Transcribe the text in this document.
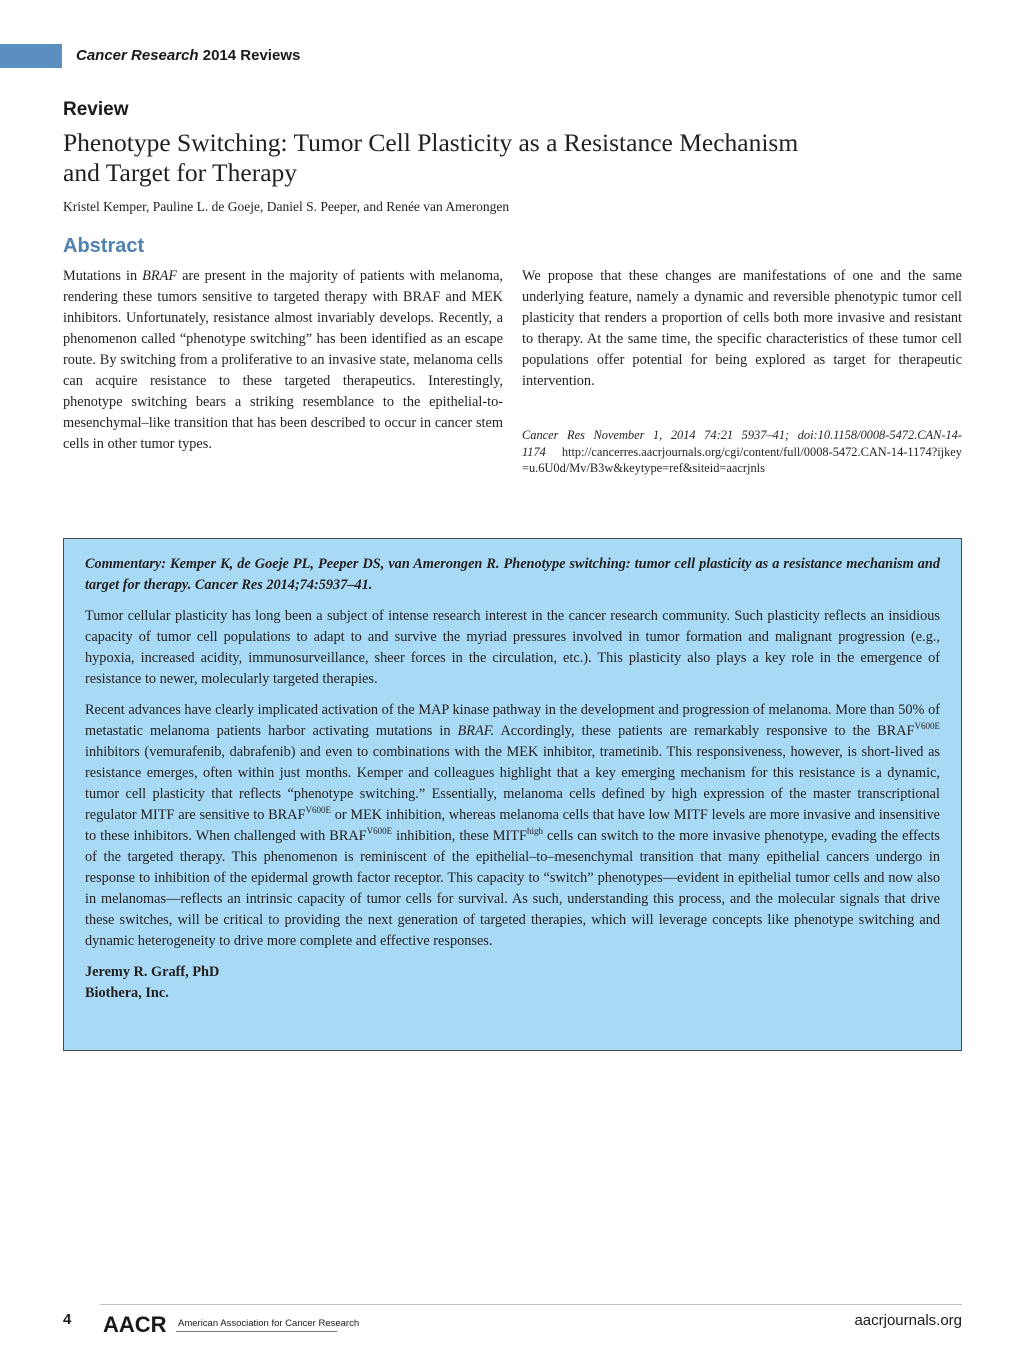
Cancer Research 2014 Reviews
Review
Phenotype Switching: Tumor Cell Plasticity as a Resistance Mechanism and Target for Therapy
Kristel Kemper, Pauline L. de Goeje, Daniel S. Peeper, and Renée van Amerongen
Abstract

Mutations in BRAF are present in the majority of patients with melanoma, rendering these tumors sensitive to targeted therapy with BRAF and MEK inhibitors. Unfortunately, resistance almost invariably develops. Recently, a phenomenon called “phenotype switching” has been identified as an escape route. By switching from a proliferative to an invasive state, melanoma cells can acquire resistance to these targeted therapeutics. Interestingly, phenotype switching bears a striking resemblance to the epithelial-to-mesenchymal–like transition that has been described to occur in cancer stem cells in other tumor types.

We propose that these changes are manifestations of one and the same underlying feature, namely a dynamic and reversible phenotypic tumor cell plasticity that renders a proportion of cells both more invasive and resistant to therapy. At the same time, the specific characteristics of these tumor cell populations offer potential for being explored as target for therapeutic intervention.

Cancer Res November 1, 2014 74:21 5937–41; doi:10.1158/0008-5472.CAN-14-1174 http://cancerres.aacrjournals.org/cgi/content/full/0008-5472.CAN-14-1174?ijkey=u.6U0d/Mv/B3w&keytype=ref&siteid=aacrjnls

Commentary: Kemper K, de Goeje PL, Peeper DS, van Amerongen R. Phenotype switching: tumor cell plasticity as a resistance mechanism and target for therapy. Cancer Res 2014;74:5937–41.

Tumor cellular plasticity has long been a subject of intense research interest in the cancer research community. Such plasticity reflects an insidious capacity of tumor cell populations to adapt to and survive the myriad pressures involved in tumor formation and malignant progression (e.g., hypoxia, increased acidity, immunosurveillance, sheer forces in the circulation, etc.). This plasticity also plays a key role in the emergence of resistance to newer, molecularly targeted therapies.

Recent advances have clearly implicated activation of the MAP kinase pathway in the development and progression of melanoma. More than 50% of metastatic melanoma patients harbor activating mutations in BRAF. Accordingly, these patients are remarkably responsive to the $BRAF^{V600E}$ inhibitors (vemurafenib, dabrafenib) and even to combinations with the MEK inhibitor, trametinib. This responsiveness, however, is short-lived as resistance emerges, often within just months. Kemper and colleagues highlight that a key emerging mechanism for this resistance is a dynamic, tumor cell plasticity that reflects “phenotype switching.” Essentially, melanoma cells defined by high expression of the master transcriptional regulator MITF are sensitive to $BRAF^{V600E}$ or MEK inhibition, whereas melanoma cells that have low MITF levels are more invasive and insensitive to these inhibitors. When challenged with $BRAF^{V600E}$ inhibition, these $MITF^{high}$ cells can switch to the more invasive phenotype, evading the effects of the targeted therapy. This phenomenon is reminiscent of the epithelial–to–mesenchymal transition that many epithelial cancers undergo in response to inhibition of the epidermal growth factor receptor. This capacity to “switch” phenotypes—evident in epithelial tumor cells and now also in melanomas—reflects an intrinsic capacity of tumor cells for survival. As such, understanding this process, and the molecular signals that drive these switches, will be critical to providing the next generation of targeted therapies, which will leverage concepts like phenotype switching and dynamic heterogeneity to drive more complete and effective responses.

Jeremy R. Graff, PhD
Biothera, Inc.

4 AACR American Association for Cancer Research	aacrjournals.org
